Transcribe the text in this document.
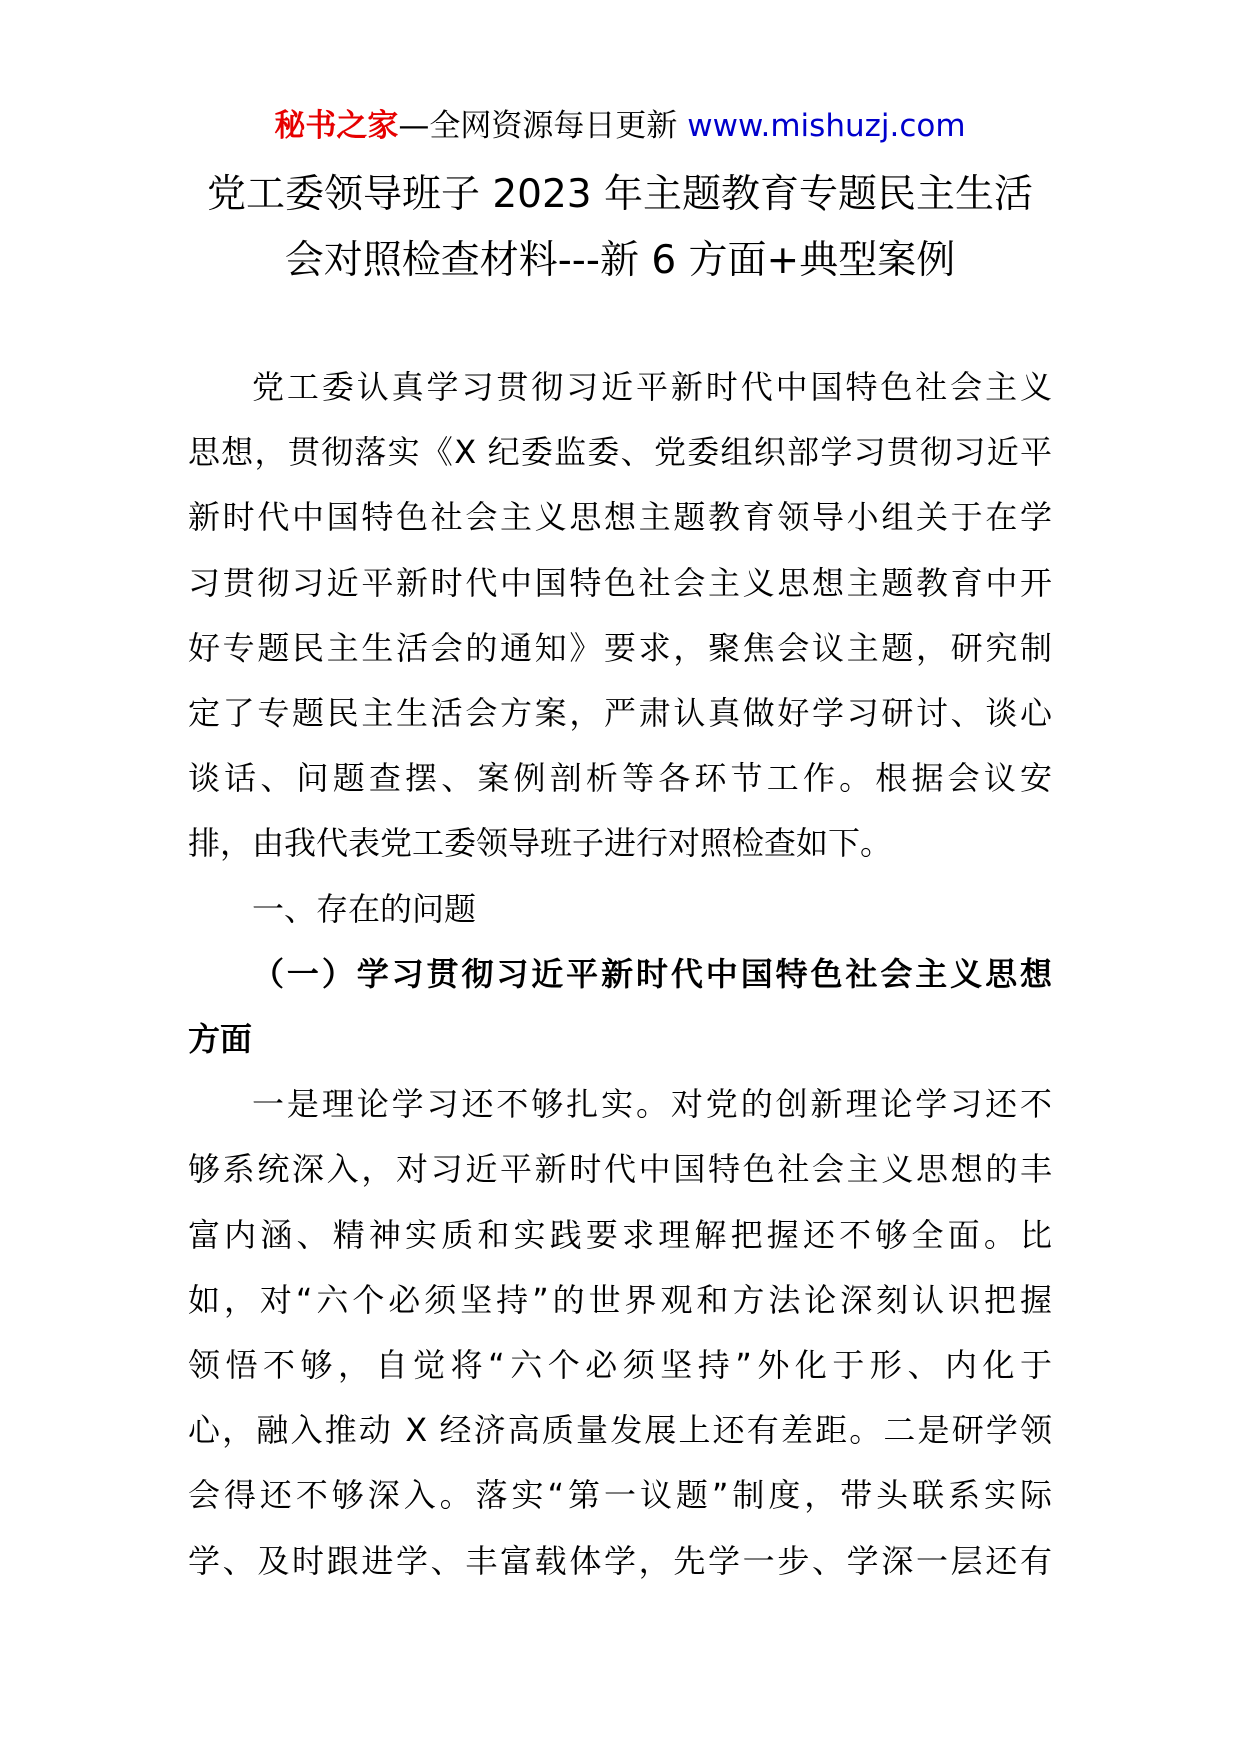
秘书之家—全网资源每日更新 www.mishuzj.com
党工委领导班子 2023 年主题教育专题民主生活
会对照检查材料---新 6 方面+典型案例

党工委认真学习贯彻习近平新时代中国特色社会主义
思想，贯彻落实《X 纪委监委、党委组织部学习贯彻习近平
新时代中国特色社会主义思想主题教育领导小组关于在学
习贯彻习近平新时代中国特色社会主义思想主题教育中开
好专题民主生活会的通知》要求，聚焦会议主题，研究制
定了专题民主生活会方案，严肃认真做好学习研讨、谈心
谈话、问题查摆、案例剖析等各环节工作。根据会议安
排，由我代表党工委领导班子进行对照检查如下。

一、存在的问题

（一）学习贯彻习近平新时代中国特色社会主义思想
方面

一是理论学习还不够扎实。对党的创新理论学习还不
够系统深入，对习近平新时代中国特色社会主义思想的丰
富内涵、精神实质和实践要求理解把握还不够全面。比
如，对“六个必须坚持”的世界观和方法论深刻认识把握
领悟不够，自觉将“六个必须坚持”外化于形、内化于
心，融入推动 X 经济高质量发展上还有差距。二是研学领
会得还不够深入。落实“第一议题”制度，带头联系实际
学、及时跟进学、丰富载体学，先学一步、学深一层还有
